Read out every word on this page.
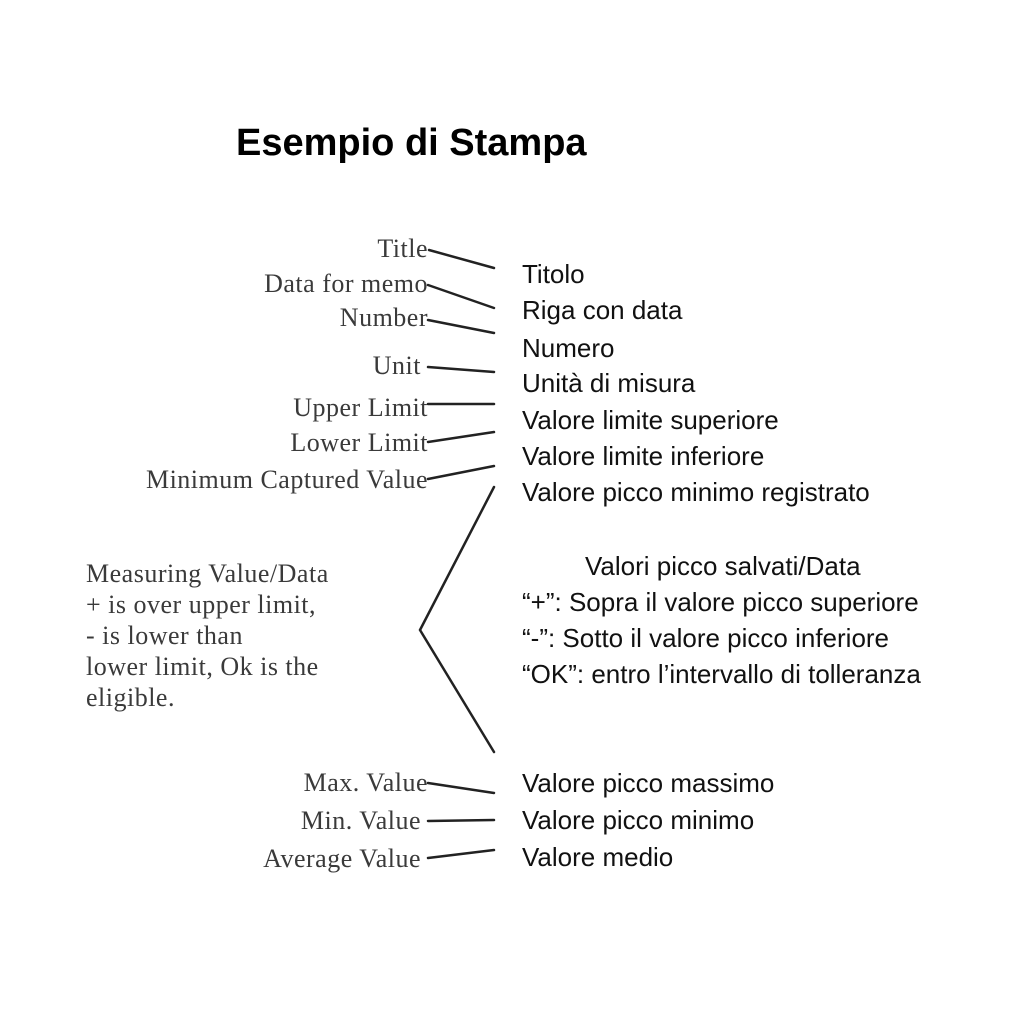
Esempio di Stampa
Title
Data for memo
Number
Unit
Upper Limit
Lower Limit
Minimum Captured Value
Measuring Value/Data
+ is over upper limit,
- is lower than
lower limit, Ok is the
eligible.
Max. Value
Min. Value
Average Value
Titolo
Riga con data
Numero
Unità di misura
Valore limite superiore
Valore limite inferiore
Valore picco minimo registrato
Valori picco salvati/Data
“+”: Sopra il valore picco superiore
“-”: Sotto il valore picco inferiore
“OK”: entro l’intervallo di tolleranza
Valore picco massimo
Valore picco minimo
Valore medio
